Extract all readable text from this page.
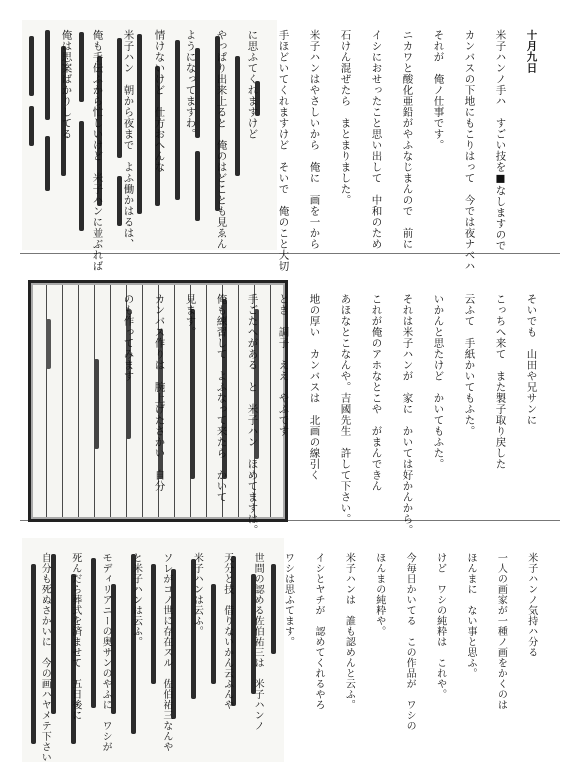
十月九日

米子ハンノ手ハ　すごい技を■なしますので

カンバスの下地にもこりはって　今では夜ナベハ

それが　俺ノ仕事です。

ニカワと酸化亜鉛がやふなじまんので　前に

イシにおせったこと思い出して　中和のため

石けん混ぜたら　まとまりました。

米子ハンはやさしいから　俺に　画を一から

手ほどいてくれますけど　そいで　俺のこと大切

に思ふてくれますけど

やっぱり出来上ると　俺のはどことも見ゑん

ようになってますわ。

情けないけど　仕方おへんな

米子ハン　朝から夜まで　よふ働かはるは、

俺も手伝ふから忙しいけど　米子ハンに並ぶれば

俺は思案ばかりしてる

そいでも　山田や兄サンに

こっちへ来て　また製子取り戻した

云ふて　手紙かいてもふた。

いかんと思たけど　かいてもふた。

それは米子ハンが　家に　かいては好かんから。

これが俺のアホなとこや　がまんできん

あほなとこなんや。吉國先生　許して下さい。

地の厚い　カンバスは　北画の線引く

とき　調子　ええ　やふです

手ごたへがある　と　米子ハン　ほめてますは。

俺も練習して　よふなって来たら　かいて

見ます。

カンバス作りは　腕上げたさかい　自分

のも作ってみます

米子ハンノ気持ハ分る

一人の画家が一種ノ画をかくのは

ほんまに　ない事と思ふ。

けど　ワシの純粋は　これや。

今毎日かいてる　この作品が　ワシの

ほんまの純粋や。

米子ハンは　誰も認めんと云ふ。

イシとヤチが　認めてくれるやろ

ワシは思ふてます。

世間の認める佐伯祐三は　米子ハンノ

天分と技　借りないかん云ふんや

米子ハンは云ふ。

ソレがコノ世に存在スル　佐伯祐三なんや

と米子ハンは云ふ。

モディリアニーの奥サンのやふに　ワシが

死んだら葬式を済ませて　五日後に

自分も死ぬさかいに　今の画ハヤメテ下さい
